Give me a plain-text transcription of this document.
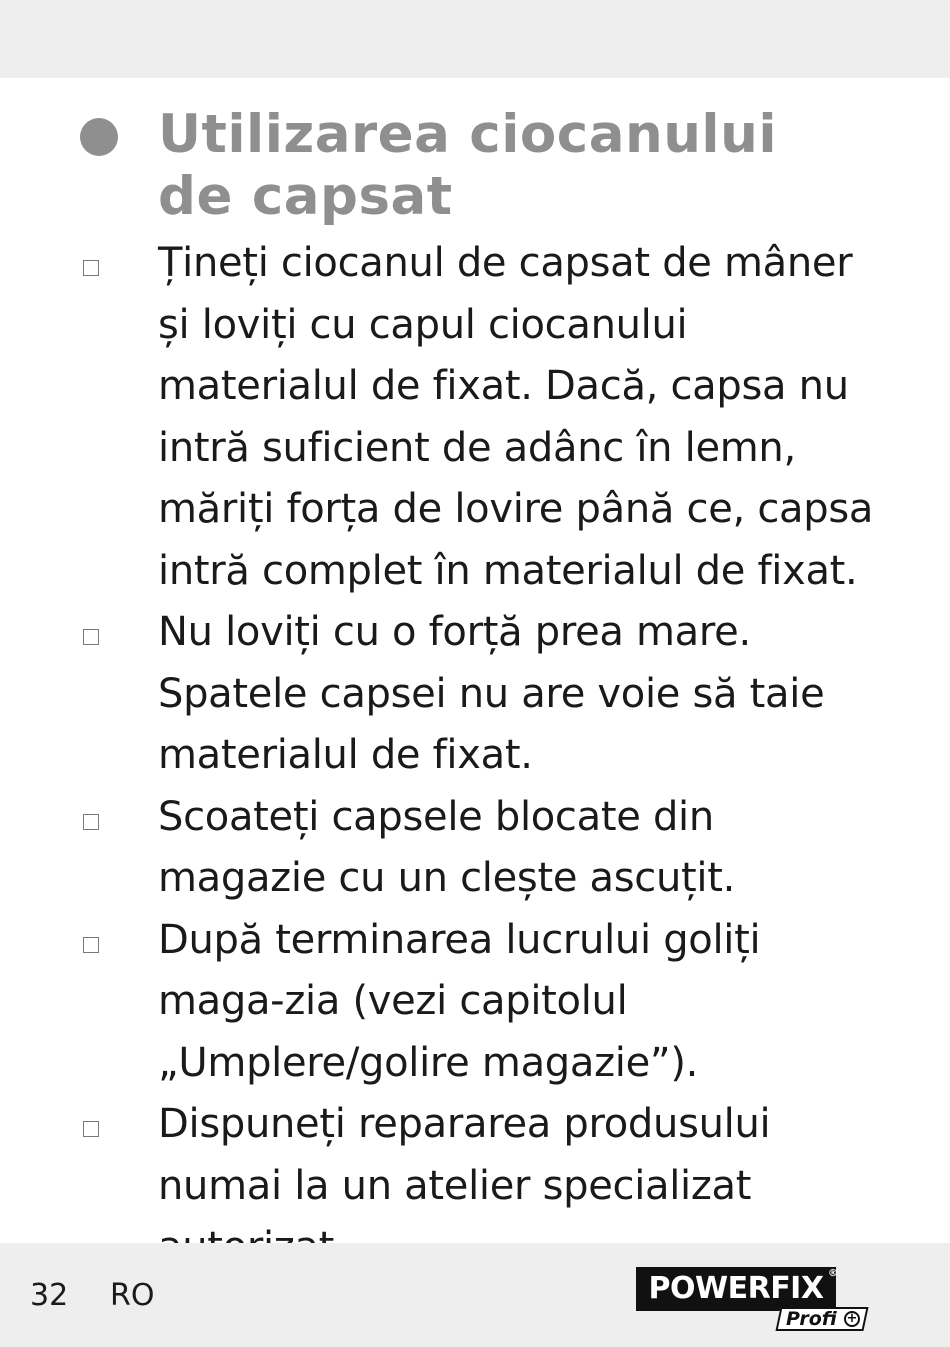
Utilizarea ciocanului de capsat
Țineți ciocanul de capsat de mâner și loviți cu capul ciocanului materialul de fixat. Dacă, capsa nu intră suficient de adânc în lemn, măriți forța de lovire până ce, capsa intră complet în materialul de fixat.
Nu loviți cu o forță prea mare. Spatele capsei nu are voie să taie materialul de fixat.
Scoateți capsele blocate din magazie cu un clește ascuțit.
După terminarea lucrului goliți maga-zia (vezi capitolul „Umplere/golire magazie”).
Dispuneți repararea produsului numai la un atelier specializat
32 RO	POWERFIX ®
Profi +
